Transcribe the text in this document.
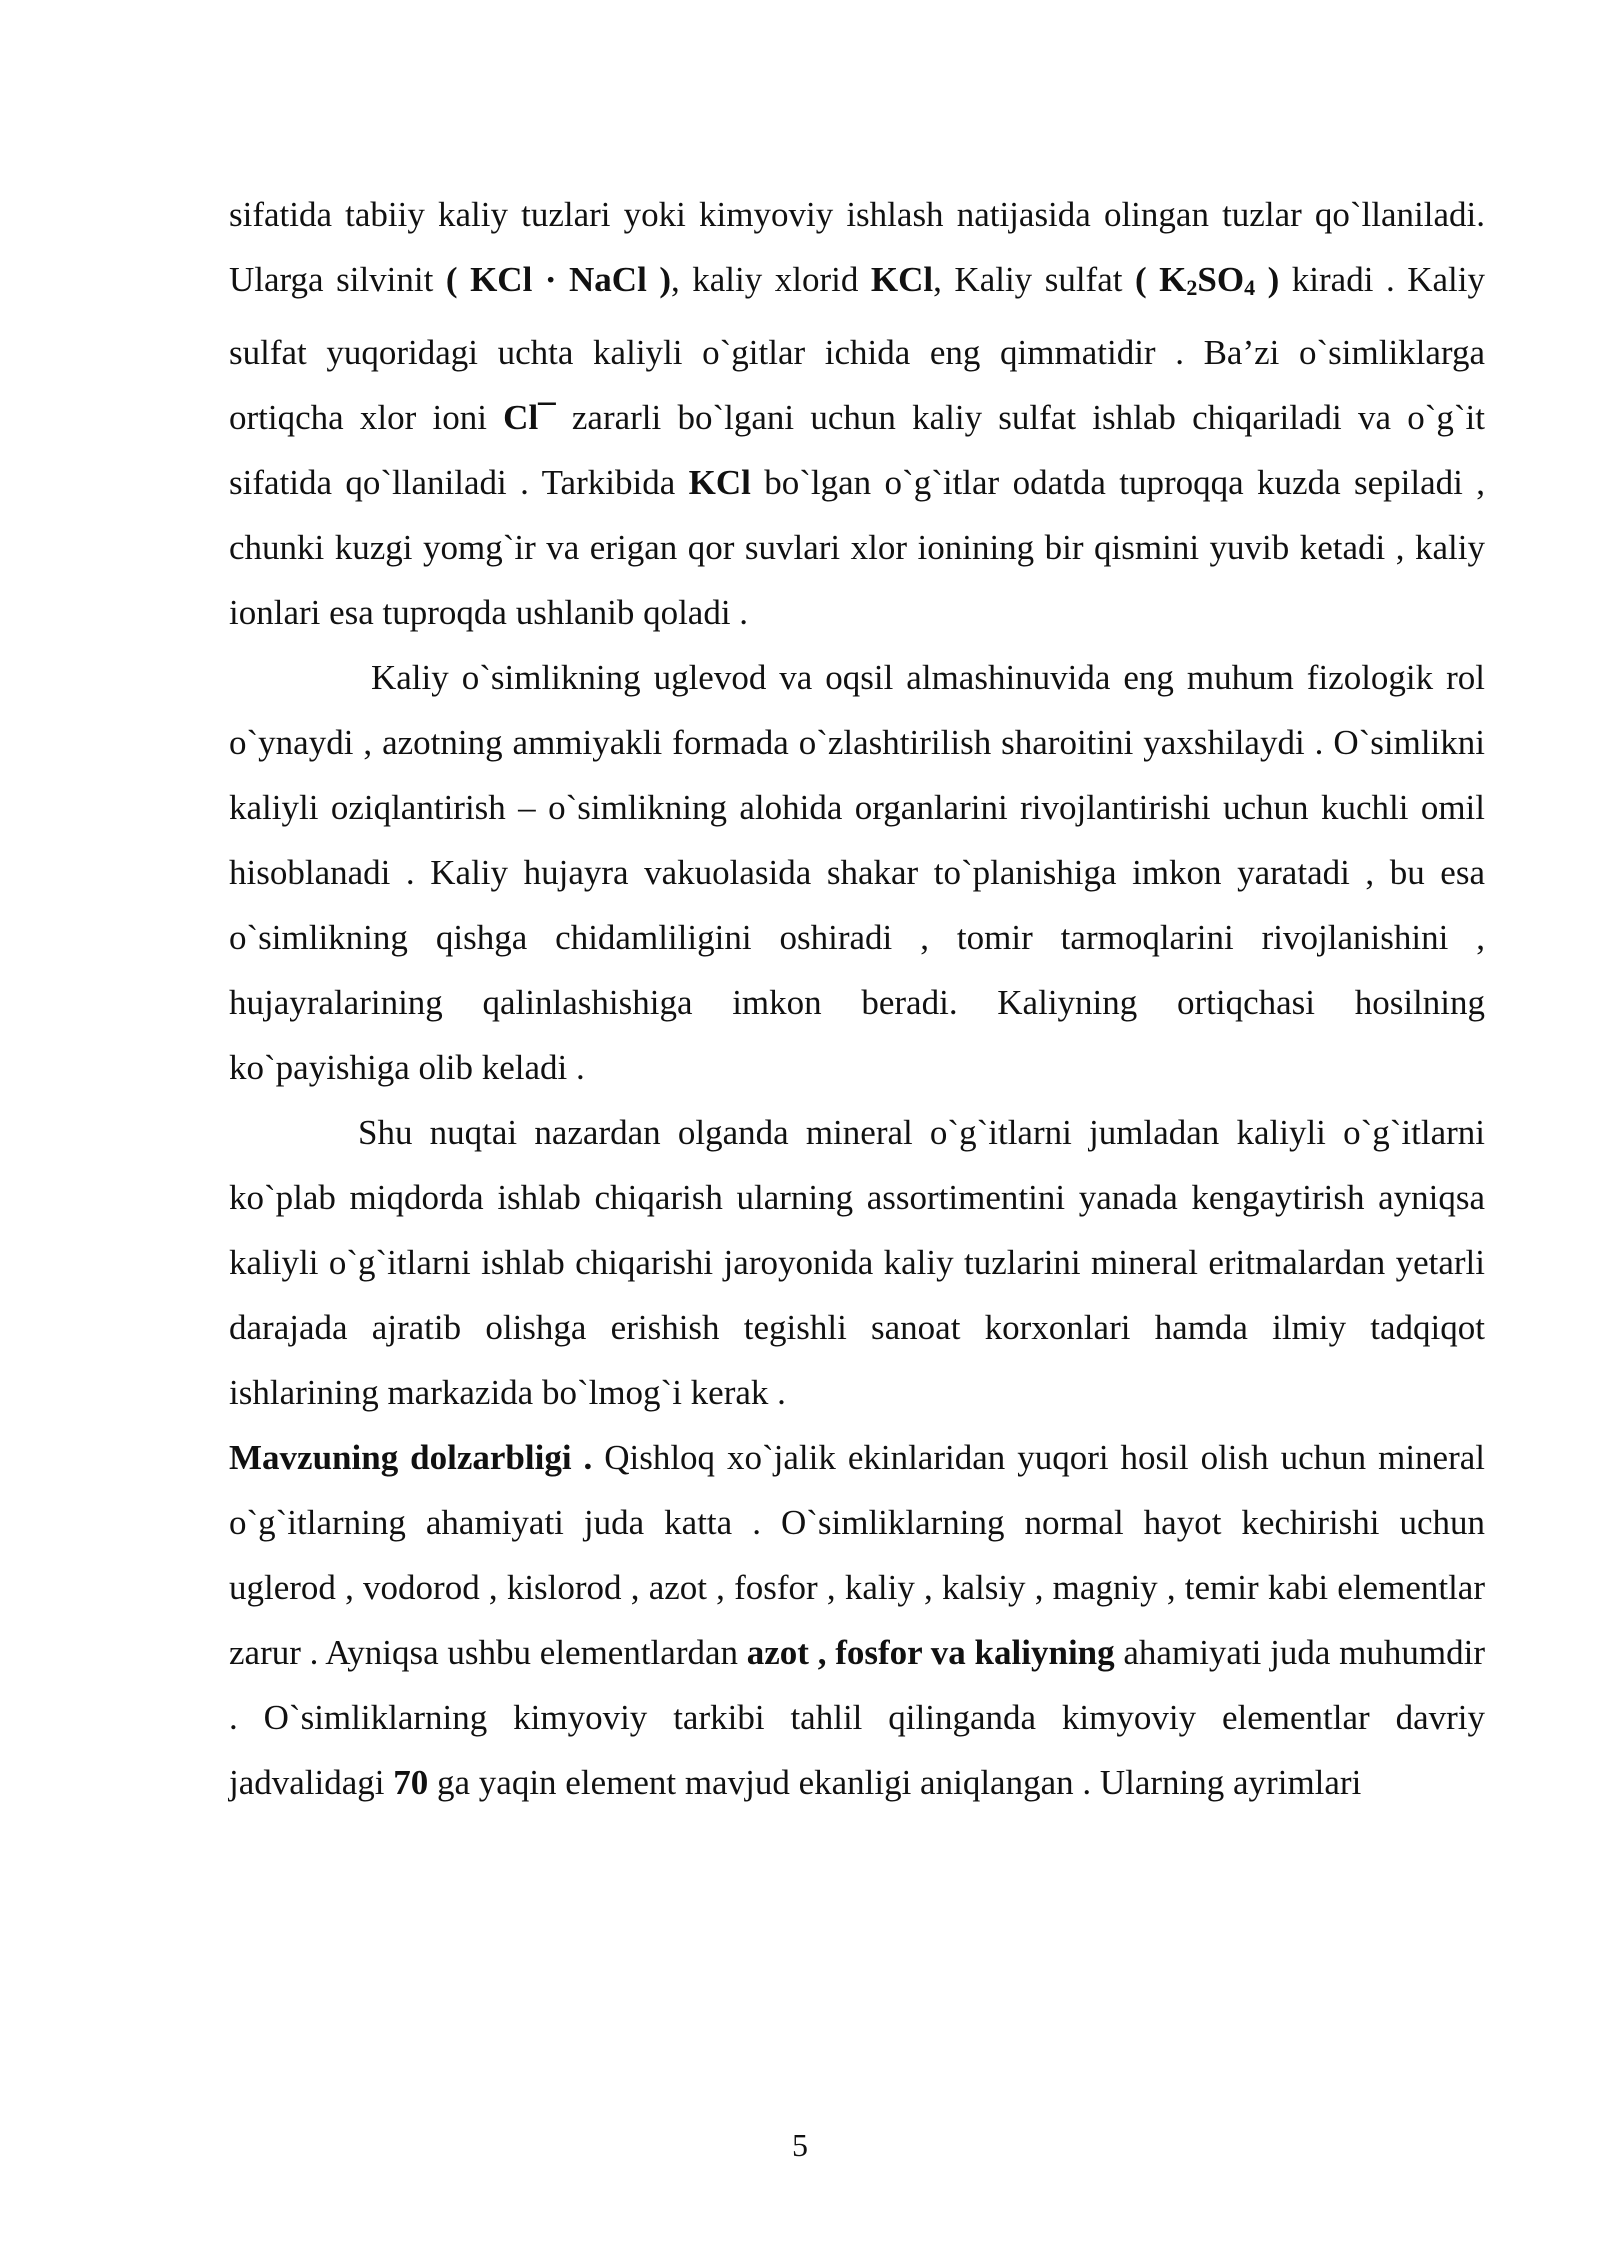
sifatida tabiiy kaliy tuzlari yoki kimyoviy ishlash natijasida olingan tuzlar qo`llaniladi. Ularga silvinit ( KCl · NaCl ), kaliy xlorid KCl, Kaliy sulfat ( K2SO4 ) kiradi . Kaliy sulfat yuqoridagi uchta kaliyli o`gitlar ichida eng qimmatidir . Ba’zi o`simliklarga ortiqcha xlor ioni Cl¯ zararli bo`lgani uchun kaliy sulfat ishlab chiqariladi va o`g`it sifatida qo`llaniladi . Tarkibida KCl bo`lgan o`g`itlar odatda tuproqqa kuzda sepiladi , chunki kuzgi yomg`ir va erigan qor suvlari xlor ionining bir qismini yuvib ketadi , kaliy ionlari esa tuproqda ushlanib qoladi .

Kaliy o`simlikning uglevod va oqsil almashinuvida eng muhum fizologik rol o`ynaydi , azotning ammiyakli formada o`zlashtirilish sharoitini yaxshilaydi . O`simlikni kaliyli oziqlantirish – o`simlikning alohida organlarini rivojlantirishi uchun kuchli omil hisoblanadi . Kaliy hujayra vakuolasida shakar to`planishiga imkon yaratadi , bu esa o`simlikning qishga chidamliligini oshiradi , tomir tarmoqlarini rivojlanishini , hujayralarining qalinlashishiga imkon beradi. Kaliyning ortiqchasi hosilning ko`payishiga olib keladi .

Shu nuqtai nazardan olganda mineral o`g`itlarni jumladan kaliyli o`g`itlarni ko`plab miqdorda ishlab chiqarish ularning assortimentini yanada kengaytirish ayniqsa kaliyli o`g`itlarni ishlab chiqarishi jaroyonida kaliy tuzlarini mineral eritmalardan yetarli darajada ajratib olishga erishish tegishli sanoat korxonlari hamda ilmiy tadqiqot ishlarining markazida bo`lmog`i kerak .

Mavzuning dolzarbligi . Qishloq xo`jalik ekinlaridan yuqori hosil olish uchun mineral o`g`itlarning ahamiyati juda katta . O`simliklarning normal hayot kechirishi uchun uglerod , vodorod , kislorod , azot , fosfor , kaliy , kalsiy , magniy , temir kabi elementlar zarur . Ayniqsa ushbu elementlardan azot , fosfor va kaliyning ahamiyati juda muhumdir . O`simliklarning kimyoviy tarkibi tahlil qilinganda kimyoviy elementlar davriy jadvalidagi 70 ga yaqin element mavjud ekanligi aniqlangan . Ularning ayrimlari

5
